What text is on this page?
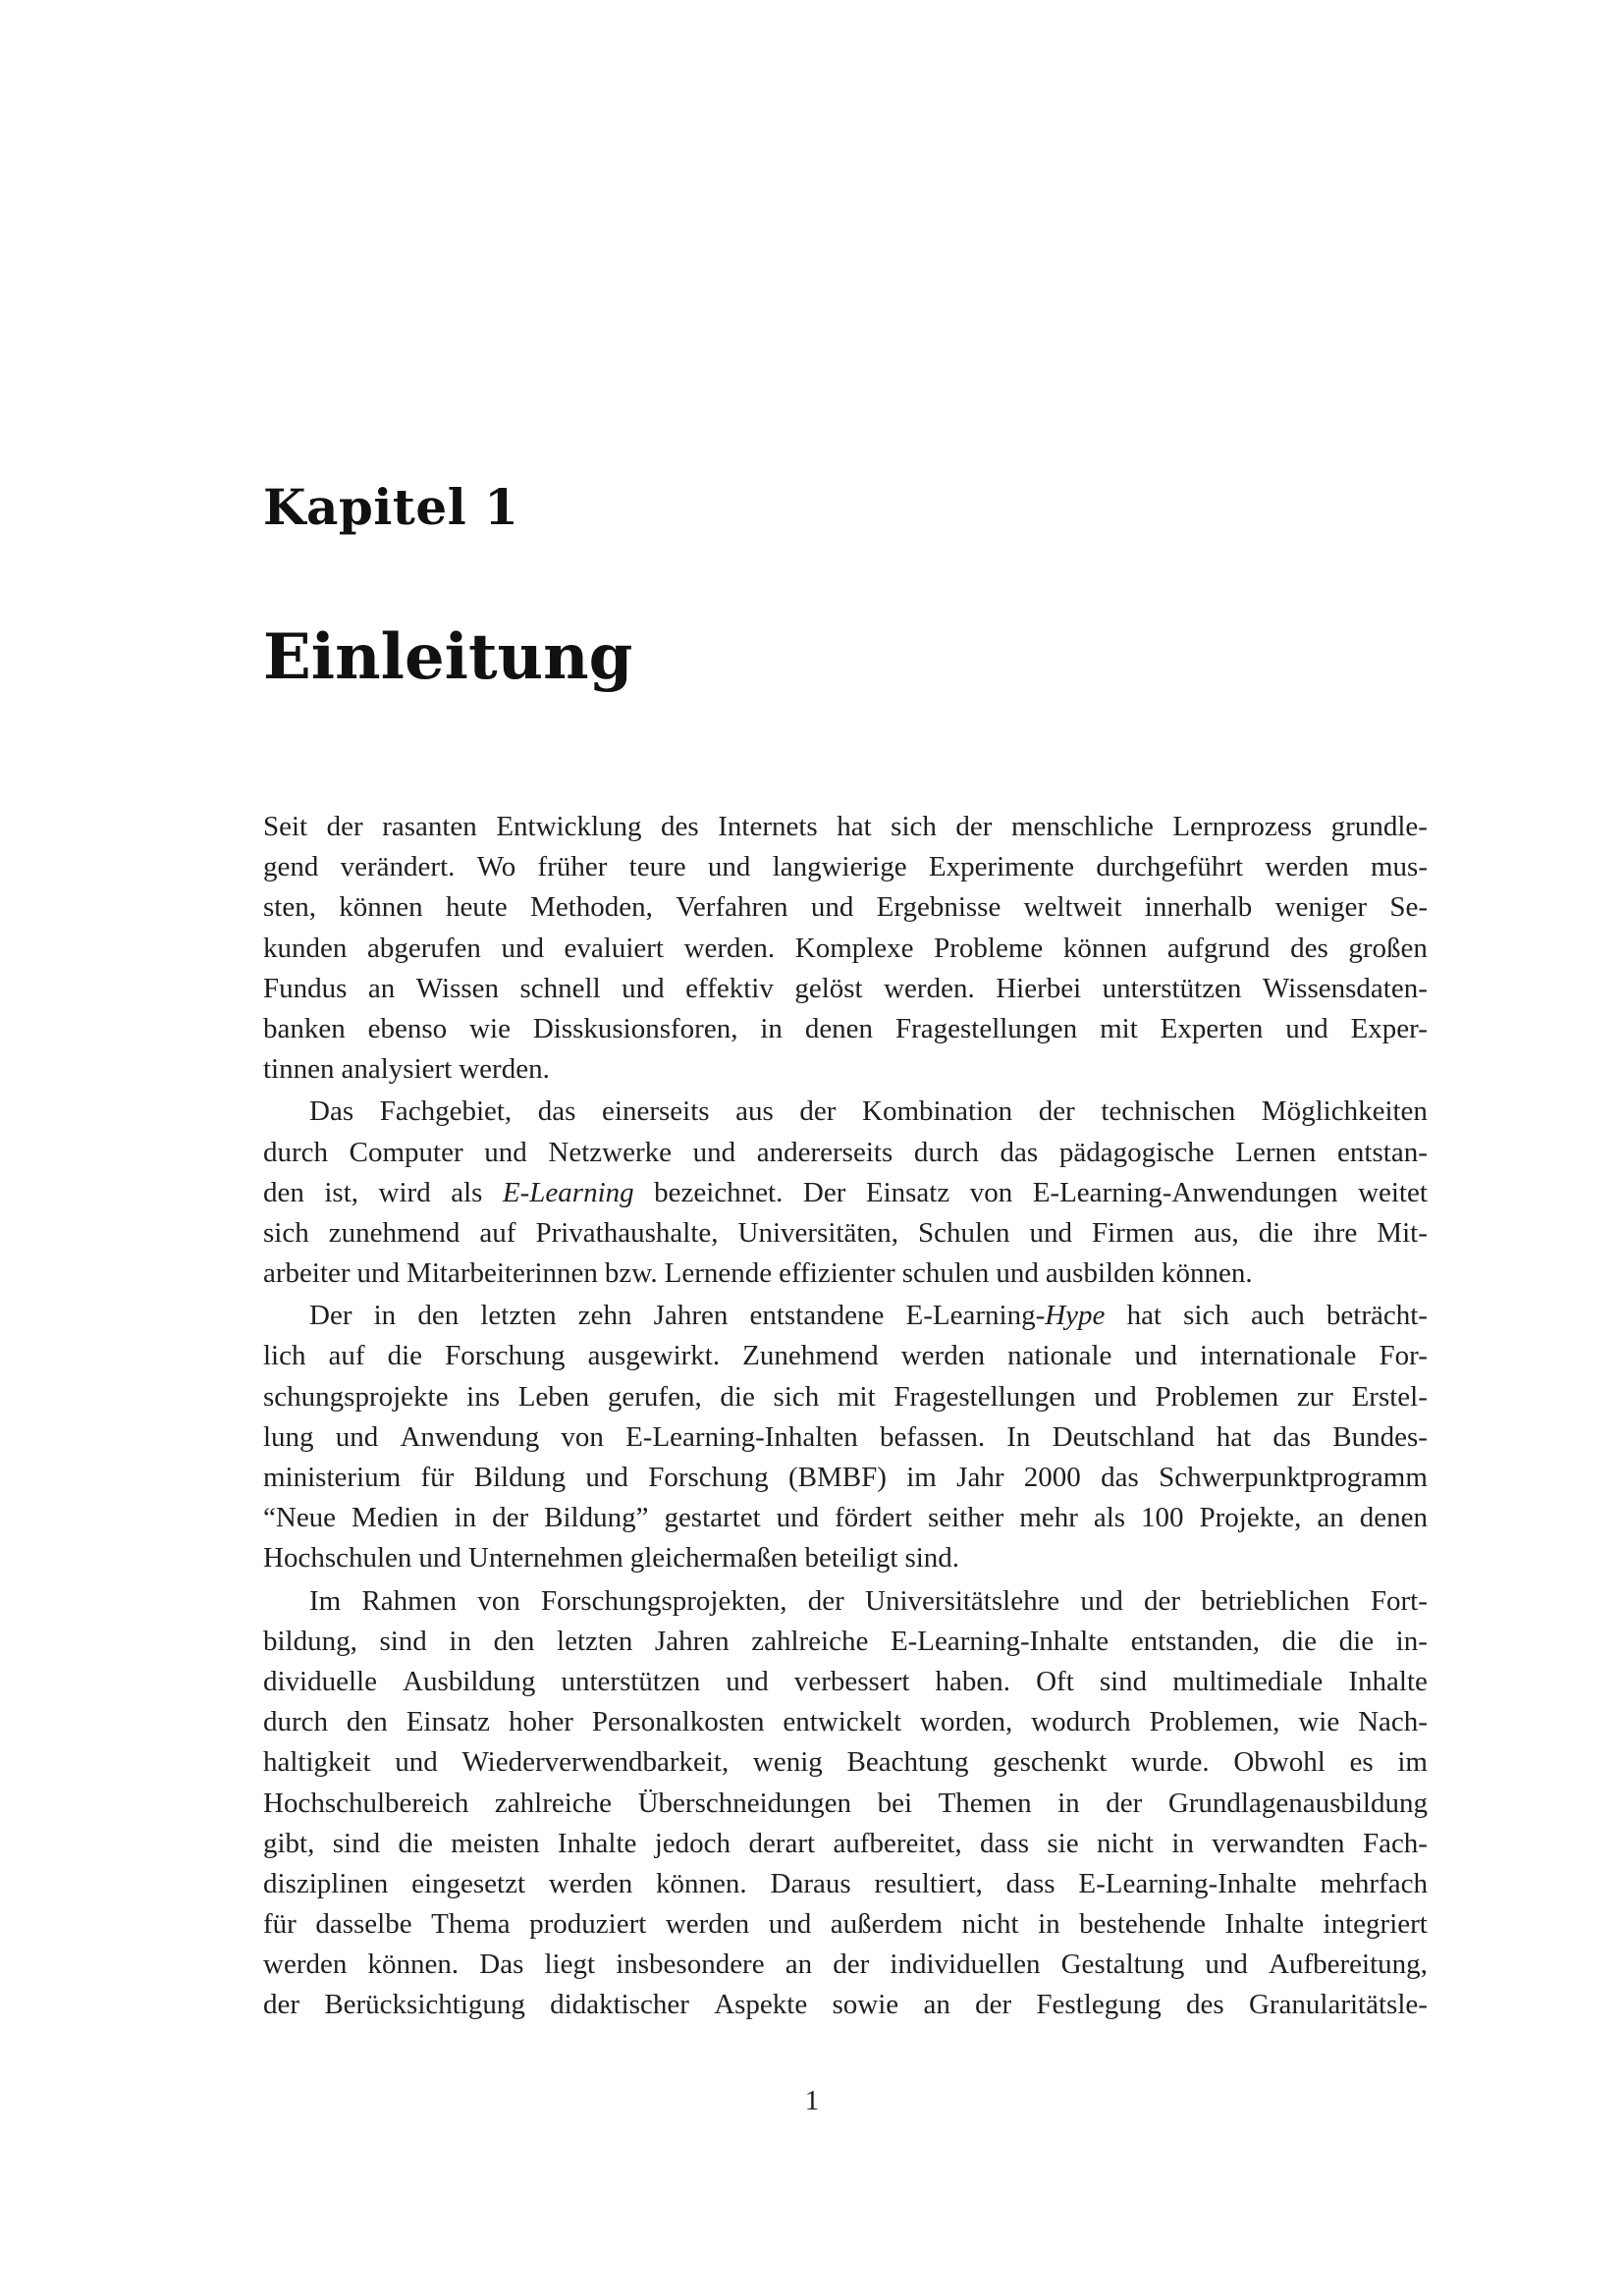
Kapitel 1
Einleitung
Seit der rasanten Entwicklung des Internets hat sich der menschliche Lernprozess grundle-
gend verändert. Wo früher teure und langwierige Experimente durchgeführt werden mus-
sten, können heute Methoden, Verfahren und Ergebnisse weltweit innerhalb weniger Se-
kunden abgerufen und evaluiert werden. Komplexe Probleme können aufgrund des großen
Fundus an Wissen schnell und effektiv gelöst werden. Hierbei unterstützen Wissensdaten-
banken ebenso wie Disskusionsforen, in denen Fragestellungen mit Experten und Exper-
tinnen analysiert werden.
Das Fachgebiet, das einerseits aus der Kombination der technischen Möglichkeiten
durch Computer und Netzwerke und andererseits durch das pädagogische Lernen entstan-
den ist, wird als E-Learning bezeichnet. Der Einsatz von E-Learning-Anwendungen weitet
sich zunehmend auf Privathaushalte, Universitäten, Schulen und Firmen aus, die ihre Mit-
arbeiter und Mitarbeiterinnen bzw. Lernende effizienter schulen und ausbilden können.
Der in den letzten zehn Jahren entstandene E-Learning-Hype hat sich auch beträcht-
lich auf die Forschung ausgewirkt. Zunehmend werden nationale und internationale For-
schungsprojekte ins Leben gerufen, die sich mit Fragestellungen und Problemen zur Erstel-
lung und Anwendung von E-Learning-Inhalten befassen. In Deutschland hat das Bundes-
ministerium für Bildung und Forschung (BMBF) im Jahr 2000 das Schwerpunktprogramm
“Neue Medien in der Bildung” gestartet und fördert seither mehr als 100 Projekte, an denen
Hochschulen und Unternehmen gleichermaßen beteiligt sind.
Im Rahmen von Forschungsprojekten, der Universitätslehre und der betrieblichen Fort-
bildung, sind in den letzten Jahren zahlreiche E-Learning-Inhalte entstanden, die die in-
dividuelle Ausbildung unterstützen und verbessert haben. Oft sind multimediale Inhalte
durch den Einsatz hoher Personalkosten entwickelt worden, wodurch Problemen, wie Nach-
haltigkeit und Wiederverwendbarkeit, wenig Beachtung geschenkt wurde. Obwohl es im
Hochschulbereich zahlreiche Überschneidungen bei Themen in der Grundlagenausbildung
gibt, sind die meisten Inhalte jedoch derart aufbereitet, dass sie nicht in verwandten Fach-
disziplinen eingesetzt werden können. Daraus resultiert, dass E-Learning-Inhalte mehrfach
für dasselbe Thema produziert werden und außerdem nicht in bestehende Inhalte integriert
werden können. Das liegt insbesondere an der individuellen Gestaltung und Aufbereitung,
der Berücksichtigung didaktischer Aspekte sowie an der Festlegung des Granularitätsle-
1
